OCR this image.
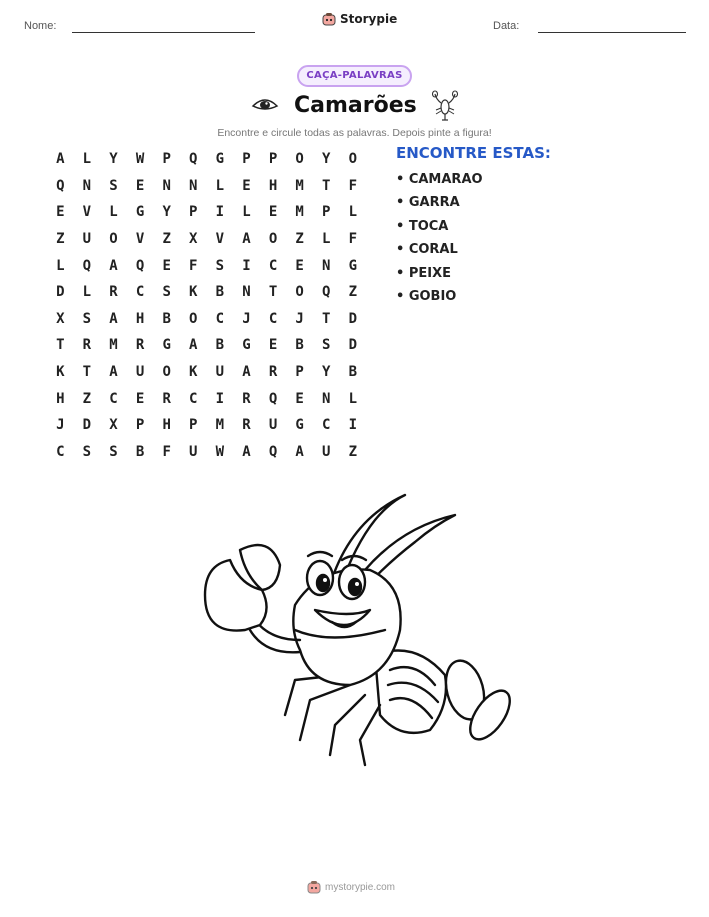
Nome:	Storypie	Data:
CAÇA-PALAVRAS
Camarões
Encontre e circule todas as palavras. Depois pinte a figura!
A	L	Y	W	P	Q	G	P	P	O	Y	O
Q	N	S	E	N	N	L	E	H	M	T	F
E	V	L	G	Y	P	I	L	E	M	P	L
Z	U	O	V	Z	X	V	A	O	Z	L	F
L	Q	A	Q	E	F	S	I	C	E	N	G
D	L	R	C	S	K	B	N	T	O	Q	Z
X	S	A	H	B	O	C	J	C	J	T	D
T	R	M	R	G	A	B	G	E	B	S	D
K	T	A	U	O	K	U	A	R	P	Y	B
H	Z	C	E	R	C	I	R	Q	E	N	L
J	D	X	P	H	P	M	R	U	G	C	I
C	S	S	B	F	U	W	A	Q	A	U	Z
ENCONTRE ESTAS:
• CAMARAO
• GARRA
• TOCA
• CORAL
• PEIXE
• GOBIO
mystorypie.com
